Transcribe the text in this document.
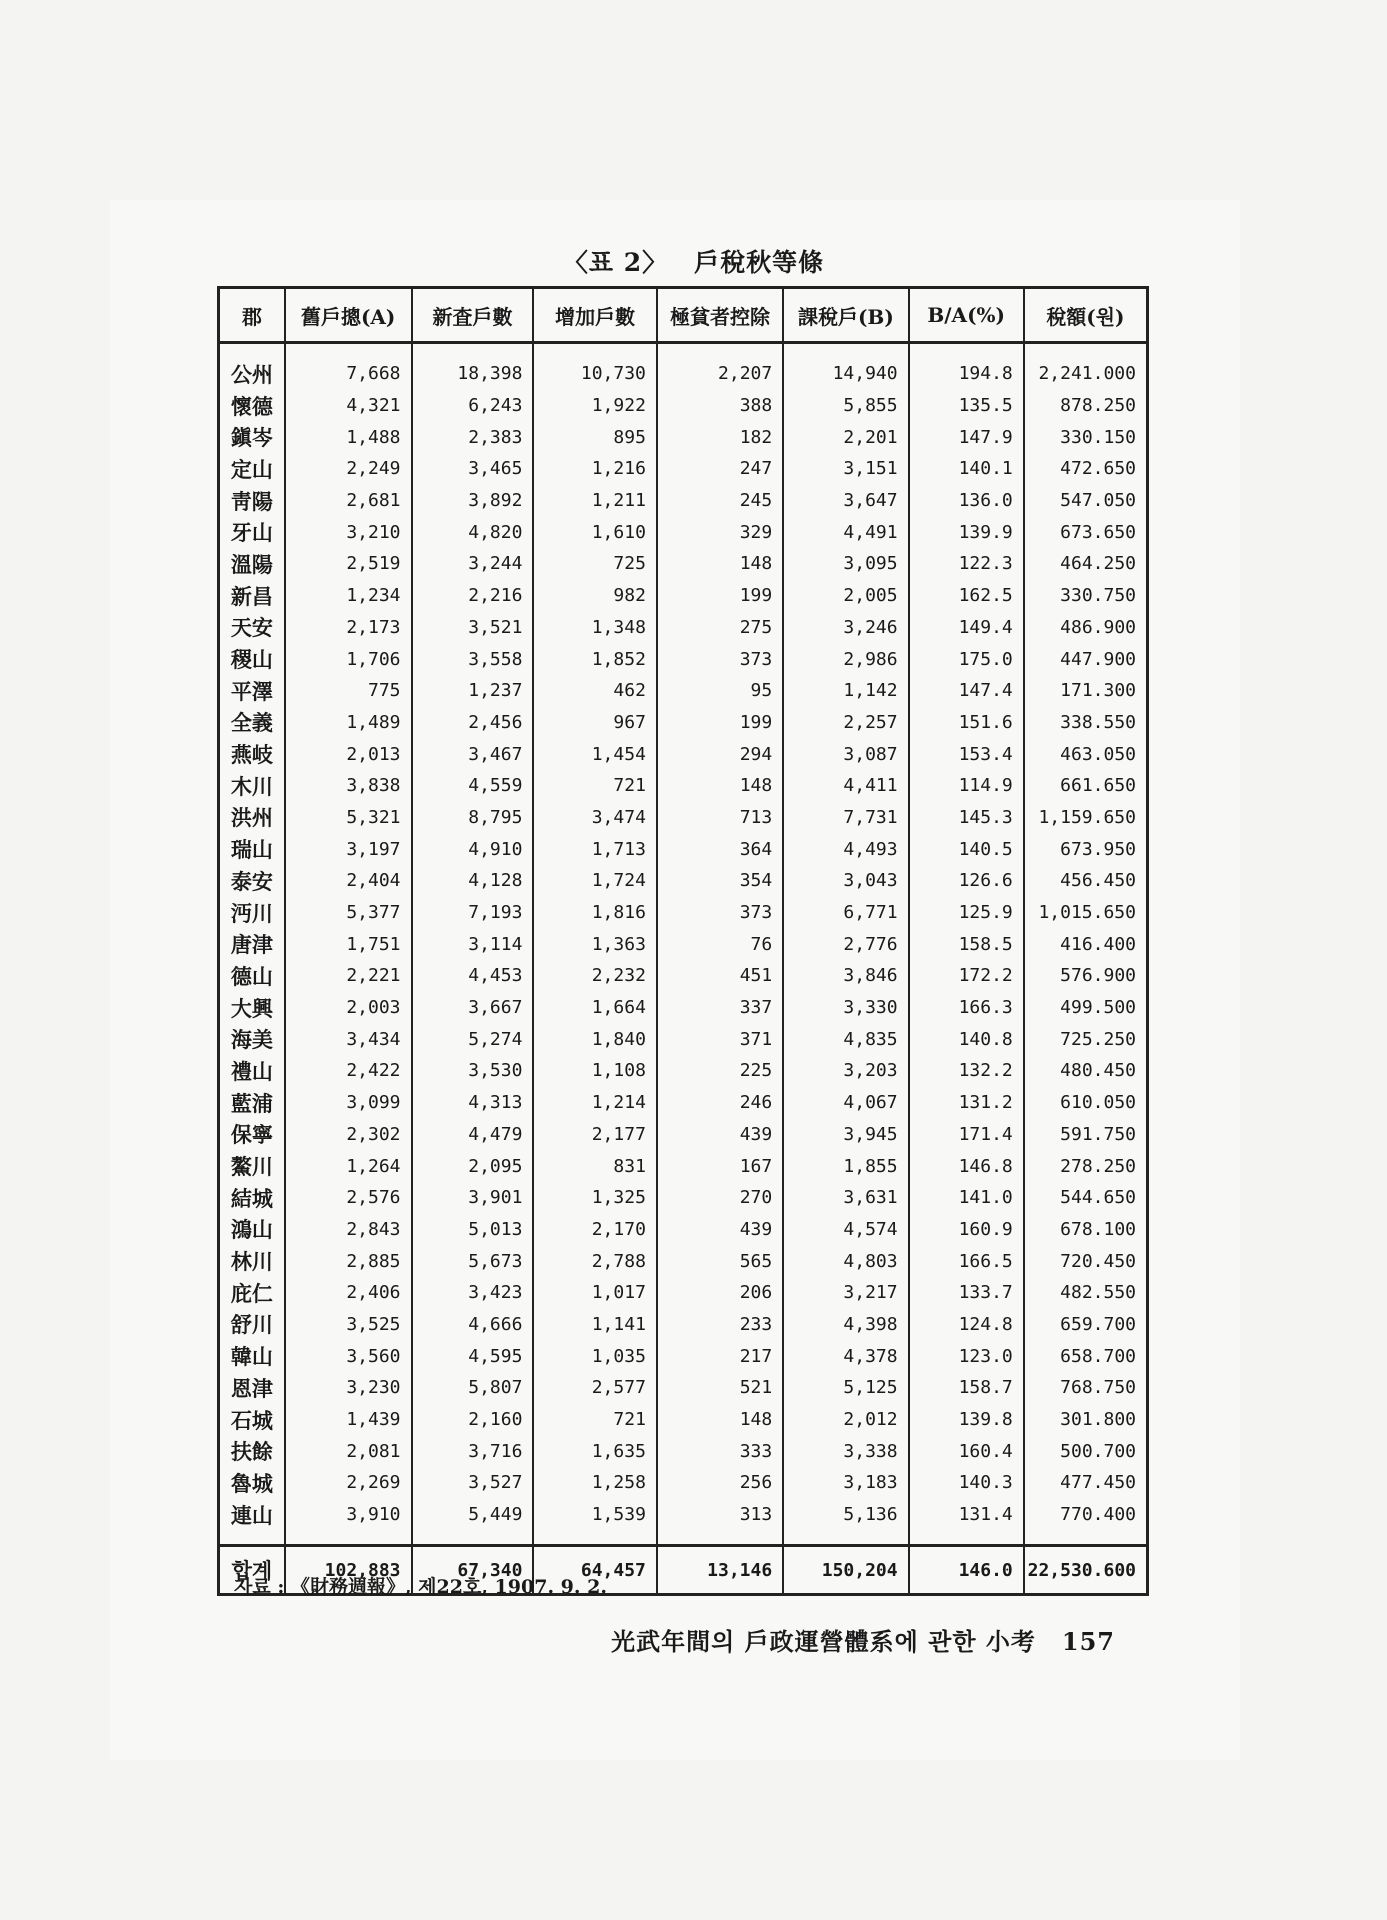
〈표 2〉 戶稅秋等條
郡	舊戶摠(A)	新査戶數	增加戶數	極貧者控除	課稅戶(B)	B/A(%)	稅額(원)
公州	7,668	18,398	10,730	2,207	14,940	194.8	2,241.000
懷德	4,321	6,243	1,922	388	5,855	135.5	878.250
鎭岑	1,488	2,383	895	182	2,201	147.9	330.150
定山	2,249	3,465	1,216	247	3,151	140.1	472.650
靑陽	2,681	3,892	1,211	245	3,647	136.0	547.050
牙山	3,210	4,820	1,610	329	4,491	139.9	673.650
溫陽	2,519	3,244	725	148	3,095	122.3	464.250
新昌	1,234	2,216	982	199	2,005	162.5	330.750
天安	2,173	3,521	1,348	275	3,246	149.4	486.900
稷山	1,706	3,558	1,852	373	2,986	175.0	447.900
平澤	775	1,237	462	95	1,142	147.4	171.300
全義	1,489	2,456	967	199	2,257	151.6	338.550
燕岐	2,013	3,467	1,454	294	3,087	153.4	463.050
木川	3,838	4,559	721	148	4,411	114.9	661.650
洪州	5,321	8,795	3,474	713	7,731	145.3	1,159.650
瑞山	3,197	4,910	1,713	364	4,493	140.5	673.950
泰安	2,404	4,128	1,724	354	3,043	126.6	456.450
沔川	5,377	7,193	1,816	373	6,771	125.9	1,015.650
唐津	1,751	3,114	1,363	76	2,776	158.5	416.400
德山	2,221	4,453	2,232	451	3,846	172.2	576.900
大興	2,003	3,667	1,664	337	3,330	166.3	499.500
海美	3,434	5,274	1,840	371	4,835	140.8	725.250
禮山	2,422	3,530	1,108	225	3,203	132.2	480.450
藍浦	3,099	4,313	1,214	246	4,067	131.2	610.050
保寧	2,302	4,479	2,177	439	3,945	171.4	591.750
鰲川	1,264	2,095	831	167	1,855	146.8	278.250
結城	2,576	3,901	1,325	270	3,631	141.0	544.650
鴻山	2,843	5,013	2,170	439	4,574	160.9	678.100
林川	2,885	5,673	2,788	565	4,803	166.5	720.450
庇仁	2,406	3,423	1,017	206	3,217	133.7	482.550
舒川	3,525	4,666	1,141	233	4,398	124.8	659.700
韓山	3,560	4,595	1,035	217	4,378	123.0	658.700
恩津	3,230	5,807	2,577	521	5,125	158.7	768.750
石城	1,439	2,160	721	148	2,012	139.8	301.800
扶餘	2,081	3,716	1,635	333	3,338	160.4	500.700
魯城	2,269	3,527	1,258	256	3,183	140.3	477.450
連山	3,910	5,449	1,539	313	5,136	131.4	770.400
합계	102,883	67,340	64,457	13,146	150,204	146.0	22,530.600
자료 : 《財務週報》, 제22호, 1907. 9. 2.
光武年間의 戶政運營體系에 관한 小考 157
